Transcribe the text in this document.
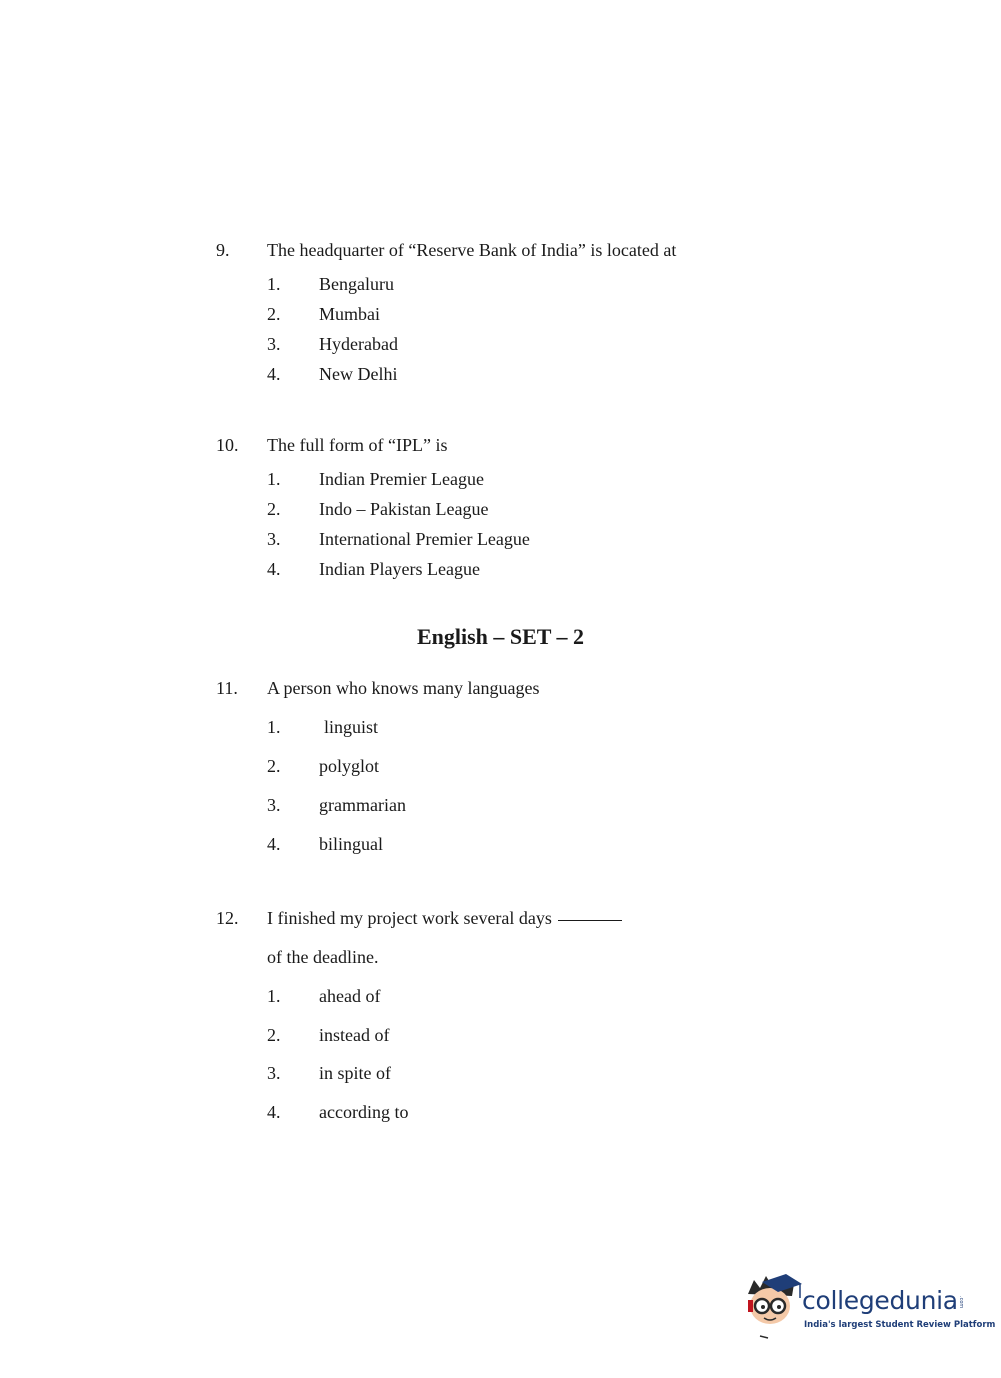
9. The headquarter of “Reserve Bank of India” is located at
1. Bengaluru
2. Mumbai
3. Hyderabad
4. New Delhi
10. The full form of “IPL” is
1. Indian Premier League
2. Indo – Pakistan League
3. International Premier League
4. Indian Players League
English – SET – 2
11. A person who knows many languages
1. linguist
2. polyglot
3. grammarian
4. bilingual
12. I finished my project work several days
of the deadline.
1. ahead of
2. instead of
3. in spite of
4. according to
collegedunia .com
India's largest Student Review Platform
